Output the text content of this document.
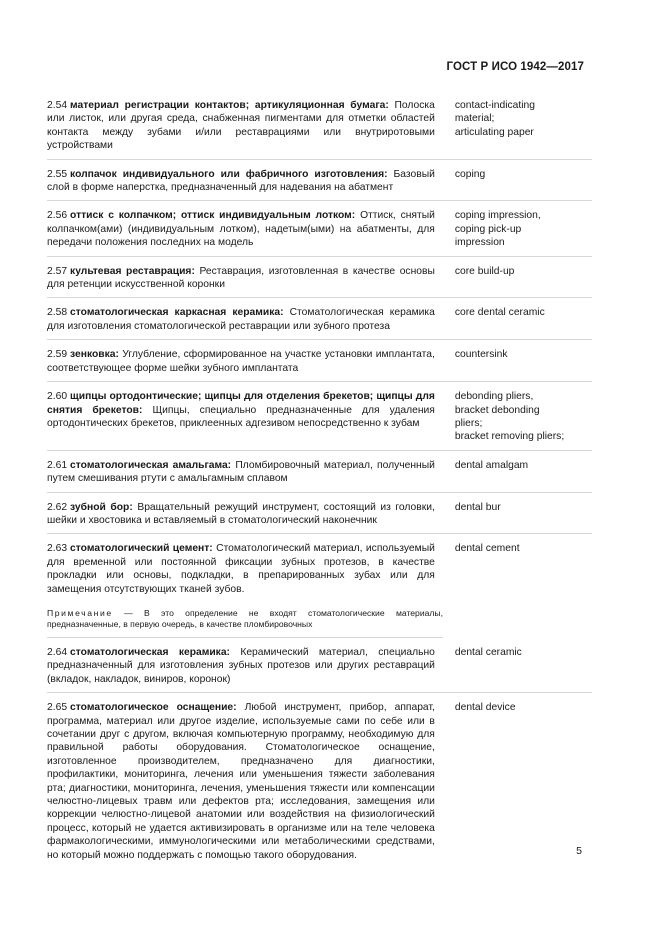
ГОСТ Р ИСО 1942—2017
2.54 материал регистрации контактов; артикуляционная бумага: Полоска или листок, или другая среда, снабженная пигментами для отметки областей контакта между зубами и/или реставрациями или внутриротовыми устройствами
contact-indicating
material;
articulating paper
2.55 колпачок индивидуального или фабричного изготовления: Базовый слой в форме наперстка, предназначенный для надевания на абатмент
coping
2.56 оттиск с колпачком; оттиск индивидуальным лотком: Оттиск, снятый колпачком(ами) (индивидуальным лотком), надетым(ыми) на абатменты, для передачи положения последних на модель
coping impression,
coping pick-up
impression
2.57 культевая реставрация: Реставрация, изготовленная в качестве основы для ретенции искусственной коронки
core build-up
2.58 стоматологическая каркасная керамика: Стоматологическая керамика для изготовления стоматологической реставрации или зубного протеза
core dental ceramic
2.59 зенковка: Углубление, сформированное на участке установки имплантата, соответствующее форме шейки зубного имплантата
countersink
2.60 щипцы ортодонтические; щипцы для отделения брекетов; щипцы для снятия брекетов: Щипцы, специально предназначенные для удаления ортодонтических брекетов, приклеенных адгезивом непосредственно к зубам
debonding pliers,
bracket debonding
pliers;
bracket removing pliers;
2.61 стоматологическая амальгама: Пломбировочный материал, полученный путем смешивания ртути с амальгамным сплавом
dental amalgam
2.62 зубной бор: Вращательный режущий инструмент, состоящий из головки, шейки и хвостовика и вставляемый в стоматологический наконечник
dental bur
2.63 стоматологический цемент: Стоматологический материал, используемый для временной или постоянной фиксации зубных протезов, в качестве прокладки или основы, подкладки, в препарированных зубах или для замещения отсутствующих тканей зубов.
dental cement
Примечание — В это определение не входят стоматологические материалы, предназначенные, в первую очередь, в качестве пломбировочных
2.64 стоматологическая керамика: Керамический материал, специально предназначенный для изготовления зубных протезов или других реставраций (вкладок, накладок, виниров, коронок)
dental ceramic
2.65 стоматологическое оснащение: Любой инструмент, прибор, аппарат, программа, материал или другое изделие, используемые сами по себе или в сочетании друг с другом, включая компьютерную программу, необходимую для правильной работы оборудования. Стоматологическое оснащение, изготовленное производителем, предназначено для диагностики, профилактики, мониторинга, лечения или уменьшения тяжести заболевания рта; диагностики, мониторинга, лечения, уменьшения тяжести или компенсации челюстно-лицевых травм или дефектов рта; исследования, замещения или коррекции челюстно-лицевой анатомии или воздействия на физиологический процесс, который не удается активизировать в организме или на теле человека фармакологическими, иммунологическими или метаболическими средствами, но который можно поддержать с помощью такого оборудования.
dental device
5
